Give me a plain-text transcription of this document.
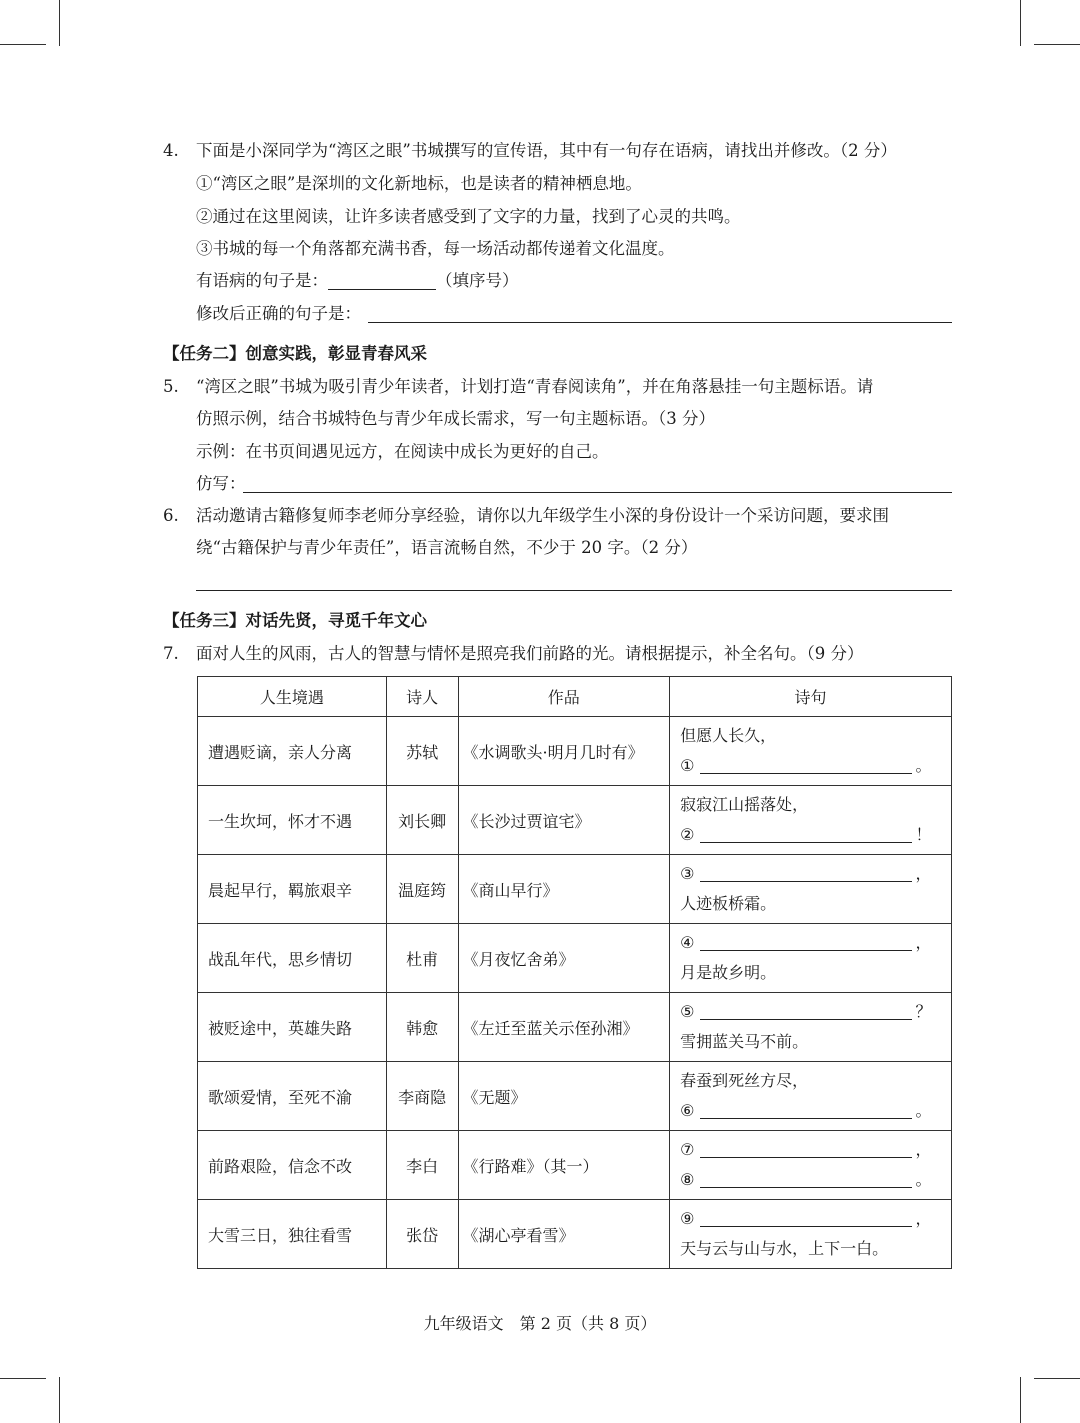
4. 下面是小深同学为“湾区之眼”书城撰写的宣传语，其中有一句存在语病，请找出并修改。（2 分）
①“湾区之眼”是深圳的文化新地标，也是读者的精神栖息地。
②通过在这里阅读，让许多读者感受到了文字的力量，找到了心灵的共鸣。
③书城的每一个角落都充满书香，每一场活动都传递着文化温度。
有语病的句子是：	（填序号）
修改后正确的句子是：
【任务二】创意实践，彰显青春风采
5. “湾区之眼”书城为吸引青少年读者，计划打造“青春阅读角”，并在角落悬挂一句主题标语。请
仿照示例，结合书城特色与青少年成长需求，写一句主题标语。（3 分）
示例：在书页间遇见远方，在阅读中成长为更好的自己。
仿写：
6. 活动邀请古籍修复师李老师分享经验，请你以九年级学生小深的身份设计一个采访问题，要求围
绕“古籍保护与青少年责任”，语言流畅自然，不少于 20 字。（2 分）
【任务三】对话先贤，寻觅千年文心
7. 面对人生的风雨，古人的智慧与情怀是照亮我们前路的光。请根据提示，补全名句。（9 分）
人生境遇	诗人	作品	诗句
遭遇贬谪，亲人分离	苏轼	《水调歌头·明月几时有》	但愿人长久，
① 。

一生坎坷，怀才不遇	刘长卿	《长沙过贾谊宅》	寂寂江山摇落处，
② ！

晨起早行，羁旅艰辛	温庭筠	《商山早行》	③ ，
人迹板桥霜。

战乱年代，思乡情切	杜甫	《月夜忆舍弟》	④ ，
月是故乡明。

被贬途中，英雄失路	韩愈	《左迁至蓝关示侄孙湘》	⑤ ？
雪拥蓝关马不前。

歌颂爱情，至死不渝	李商隐	《无题》	春蚕到死丝方尽，
⑥ 。

前路艰险，信念不改	李白	《行路难》（其一）	⑦ ，
⑧ 。

大雪三日，独往看雪	张岱	《湖心亭看雪》	⑨ ，
天与云与山与水，上下一白。
九年级语文　第 2 页（共 8 页）
